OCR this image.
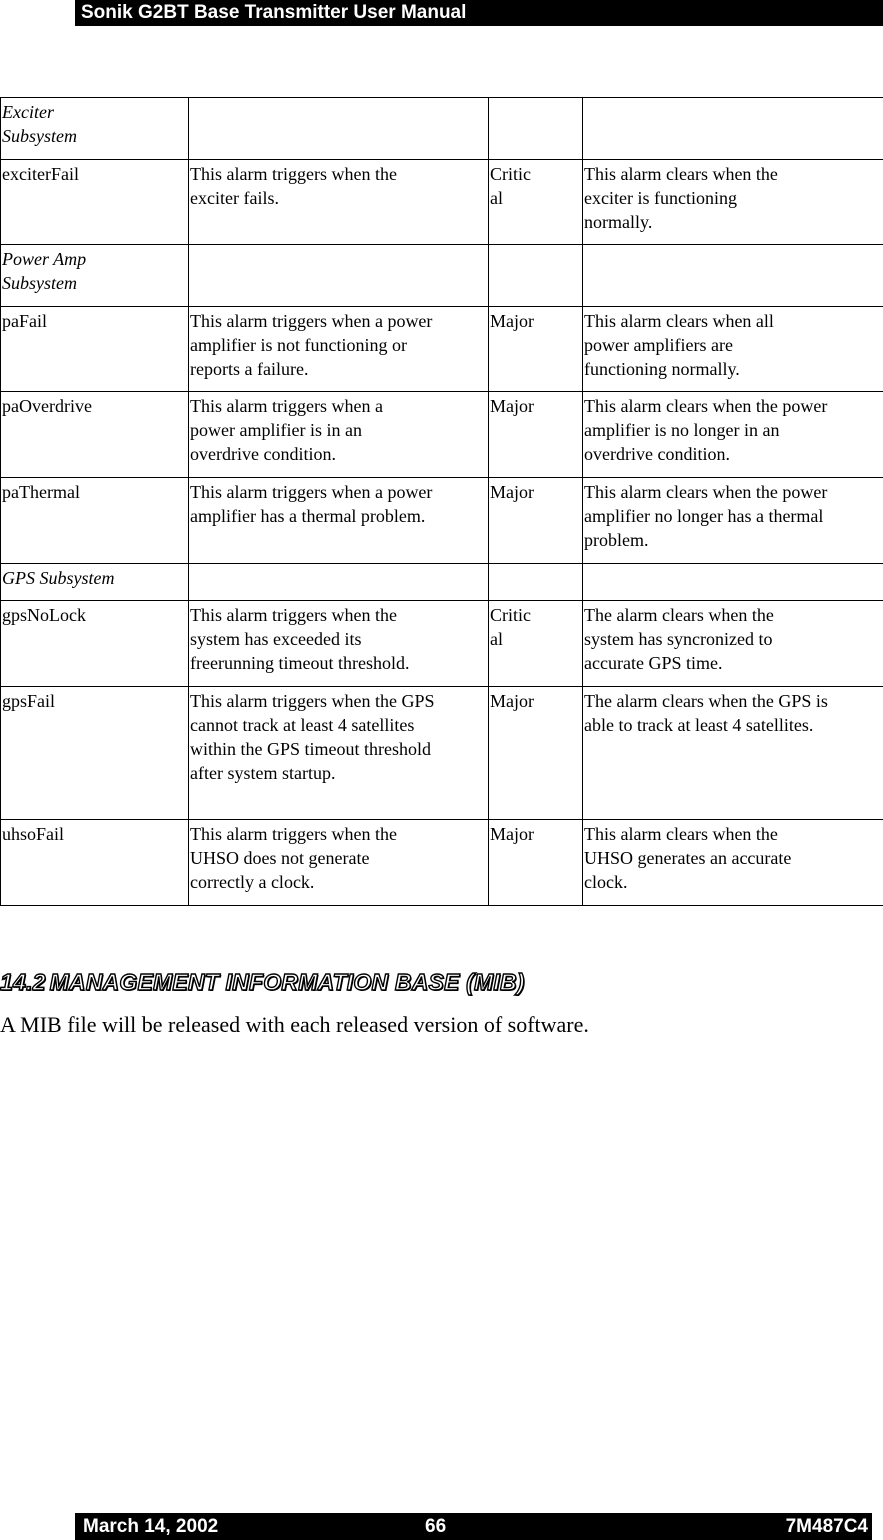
Sonik G2BT Base Transmitter User Manual
Exciter Subsystem			

exciterFail	This alarm triggers when the exciter fails.	Critical	This alarm clears when the exciter is functioning normally.

Power Amp Subsystem			

paFail	This alarm triggers when a power amplifier is not functioning or reports a failure.	Major	This alarm clears when all power amplifiers are functioning normally.

paOverdrive	This alarm triggers when a power amplifier is in an overdrive condition.	Major	This alarm clears when the power amplifier is no longer in an overdrive condition.

paThermal	This alarm triggers when a power amplifier has a thermal problem.	Major	This alarm clears when the power amplifier no longer has a thermal problem.

GPS Subsystem			

gpsNoLock	This alarm triggers when the system has exceeded its freerunning timeout threshold.	Critical	The alarm clears when the system has syncronized to accurate GPS time.

gpsFail	This alarm triggers when the GPS cannot track at least 4 satellites within the GPS timeout threshold after system startup.	Major	The alarm clears when the GPS is able to track at least 4 satellites.

uhsoFail	This alarm triggers when the UHSO does not generate correctly a clock.	Major	This alarm clears when the UHSO generates an accurate clock.
14.2 MANAGEMENT INFORMATION BASE (MIB)
A MIB file will be released with each released version of software.
March 14, 2002	66	7M487C4
